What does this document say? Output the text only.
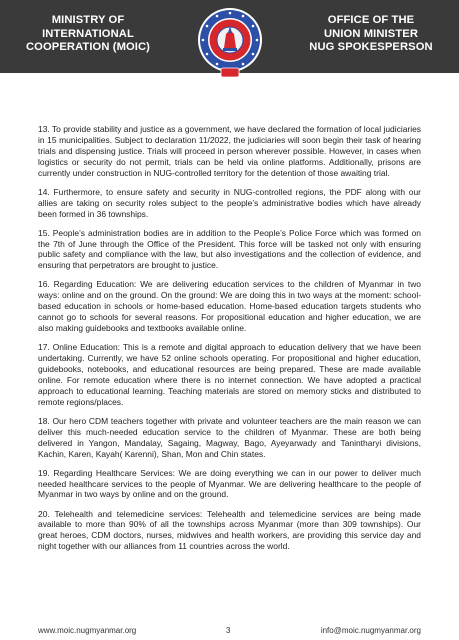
MINISTRY OF
INTERNATIONAL
COOPERATION (MOIC)
OFFICE OF THE
UNION MINISTER
NUG SPOKESPERSON

13. To provide stability and justice as a government, we have declared the formation of local judiciaries in 15 municipalities. Subject to declaration 11/2022, the judiciaries will soon begin their task of hearing trials and dispensing justice. Trials will proceed in person wherever possible. However, in cases when logistics or security do not permit, trials can be held via online platforms. Additionally, prisons are currently under construction in NUG-controlled territory for the detention of those awaiting trial.

14. Furthermore, to ensure safety and security in NUG-controlled regions, the PDF along with our allies are taking on security roles subject to the people’s administrative bodies which have already been formed in 36 townships.

15. People’s administration bodies are in addition to the People’s Police Force which was formed on the 7th of June through the Office of the President. This force will be tasked not only with ensuring public safety and compliance with the law, but also investigations and the collection of evidence, and ensuring that perpetrators are brought to justice.

16. Regarding Education: We are delivering education services to the children of Myanmar in two ways: online and on the ground. On the ground: We are doing this in two ways at the moment: school-based education in schools or home-based education. Home-based education targets students who cannot go to schools for several reasons. For propositional education and higher education, we are also making guidebooks and textbooks available online.

17. Online Education: This is a remote and digital approach to education delivery that we have been undertaking. Currently, we have 52 online schools operating. For propositional and higher education, guidebooks, notebooks, and educational resources are being prepared. These are made available online. For remote education where there is no internet connection. We have adopted a practical approach to educational learning. Teaching materials are stored on memory sticks and distributed to remote regions/places.

18. Our hero CDM teachers together with private and volunteer teachers are the main reason we can deliver this much-needed education service to the children of Myanmar. These are both being delivered in Yangon, Mandalay, Sagaing, Magway, Bago, Ayeyarwady and Tanintharyi divisions, Kachin, Karen, Kayah( Karenni), Shan, Mon and Chin states.

19. Regarding Healthcare Services: We are doing everything we can in our power to deliver much needed healthcare services to the people of Myanmar. We are delivering healthcare to the people of Myanmar in two ways by online and on the ground.

20. Telehealth and telemedicine services: Telehealth and telemedicine services are being made available to more than 90% of all the townships across Myanmar (more than 309 townships). Our great heroes, CDM doctors, nurses, midwives and health workers, are providing this service day and night together with our alliances from 11 countries across the world.

www.moic.nugmyanmar.org	3	info@moic.nugmyanmar.org
